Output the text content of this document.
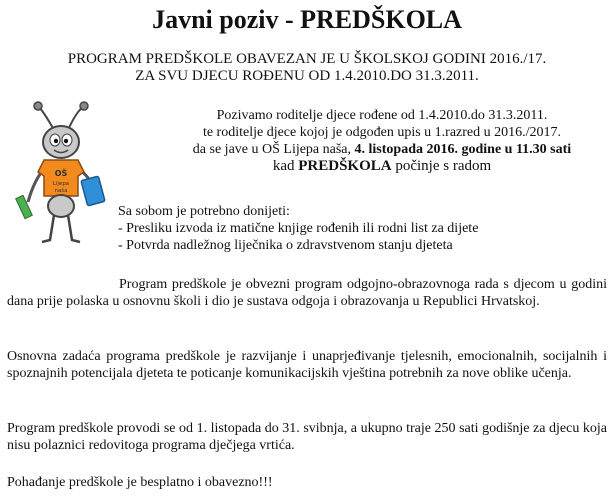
Javni poziv - PREDŠKOLA
PROGRAM PREDŠKOLE OBAVEZAN JE U ŠKOLSKOJ GODINI 2016./17.
ZA SVU DJECU ROĐENU OD 1.4.2010.DO 31.3.2011.
Pozivamo roditelje djece rođene od 1.4.2010.do 31.3.2011.
te roditelje djece kojoj je odgođen upis u 1.razred u 2016./2017.
da se jave u OŠ Lijepa naša, 4. listopada 2016. godine u 11.30 sati
kad PREDŠKOLA počinje s radom
OŠ
Lijepa
naša
Sa sobom je potrebno donijeti:
- Presliku izvoda iz matične knjige rođenih ili rodni list za dijete
- Potvrda nadležnog liječnika o zdravstvenom stanju djeteta
Program predškole je obvezni program odgojno-obrazovnoga rada s djecom u godini dana prije polaska u osnovnu školi i dio je sustava odgoja i obrazovanja u Republici Hrvatskoj.
Osnovna zadaća programa predškole je razvijanje i unaprjeđivanje tjelesnih, emocionalnih, socijalnih i spoznajnih potencijala djeteta te poticanje komunikacijskih vještina potrebnih za nove oblike učenja.
Program predškole provodi se od 1. listopada do 31. svibnja, a ukupno traje 250 sati godišnje za djecu koja nisu polaznici redovitoga programa dječjega vrtića.
Pohađanje predškole je besplatno i obavezno!!!
